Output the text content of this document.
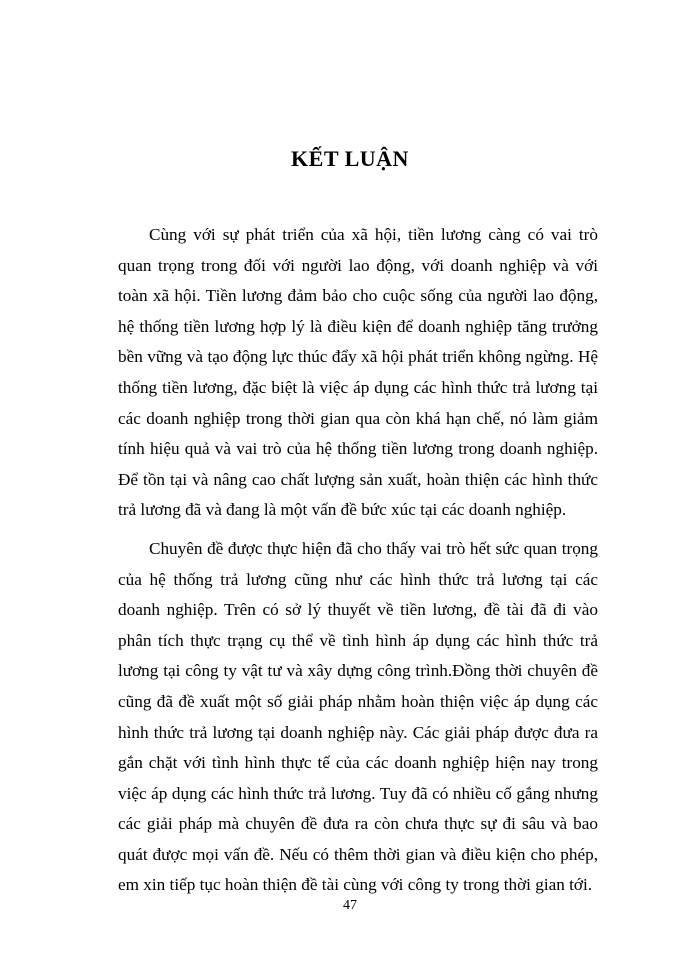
KẾT LUẬN

Cùng với sự phát triển của xã hội, tiền lương càng có vai trò quan trọng trong đối với người lao động, với doanh nghiệp và với toàn xã hội. Tiền lương đảm bảo cho cuộc sống của người lao động, hệ thống tiền lương hợp lý là điều kiện để doanh nghiệp tăng trưởng bền vững và tạo động lực thúc đẩy xã hội phát triển không ngừng. Hệ thống tiền lương, đặc biệt là việc áp dụng các hình thức trả lương tại các doanh nghiệp trong thời gian qua còn khá hạn chế, nó làm giảm tính hiệu quả và vai trò của hệ thống tiền lương trong doanh nghiệp. Để tồn tại và nâng cao chất lượng sản xuất, hoàn thiện các hình thức trả lương đã và đang là một vấn đề bức xúc tại các doanh nghiệp.

Chuyên đề được thực hiện đã cho thấy vai trò hết sức quan trọng của hệ thống trả lương cũng như các hình thức trả lương tại các doanh nghiệp. Trên có sở lý thuyết về tiền lương, đề tài đã đi vào phân tích thực trạng cụ thể về tình hình áp dụng các hình thức trả lương tại công ty vật tư và xây dựng công trình.Đồng thời chuyên đề cũng đã đề xuất một số giải pháp nhằm hoàn thiện việc áp dụng các hình thức trả lương tại doanh nghiệp này. Các giải pháp được đưa ra gắn chặt với tình hình thực tế của các doanh nghiệp hiện nay trong việc áp dụng các hình thức trả lương. Tuy đã có nhiều cố gắng nhưng các giải pháp mà chuyên đề đưa ra còn chưa thực sự đi sâu và bao quát được mọi vấn đề. Nếu có thêm thời gian và điều kiện cho phép, em xin tiếp tục hoàn thiện đề tài cùng với công ty trong thời gian tới.

47
